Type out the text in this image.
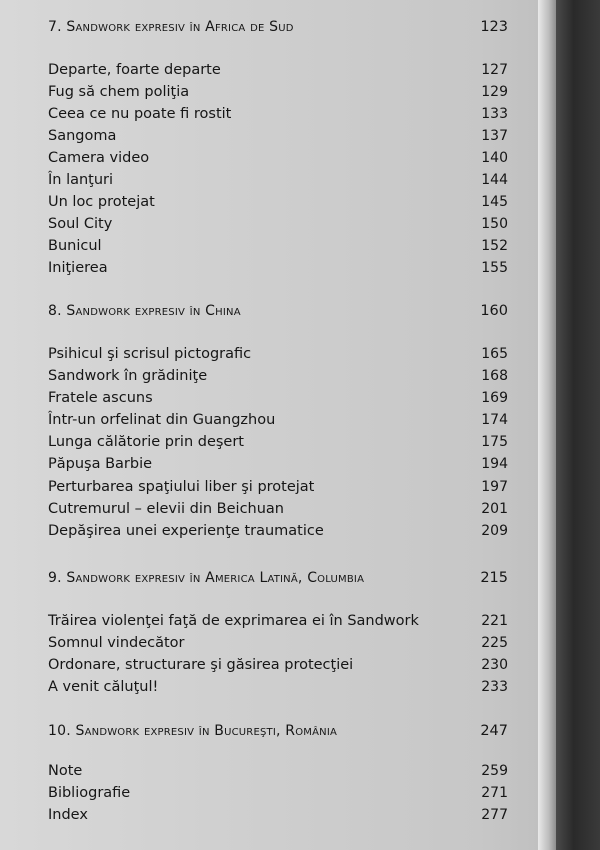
7. Sandwork expresiv în Africa de Sud	123
Departe, foarte departe	127
Fug să chem poliţia	129
Ceea ce nu poate fi rostit	133
Sangoma	137
Camera video	140
În lanţuri	144
Un loc protejat	145
Soul City	150
Bunicul	152
Iniţierea	155
8. Sandwork expresiv în China	160
Psihicul şi scrisul pictografic	165
Sandwork în grădiniţe	168
Fratele ascuns	169
Într-un orfelinat din Guangzhou	174
Lunga călătorie prin deşert	175
Păpuşa Barbie	194
Perturbarea spaţiului liber şi protejat	197
Cutremurul – elevii din Beichuan	201
Depăşirea unei experienţe traumatice	209
9. Sandwork expresiv în America Latină, Columbia	215
Trăirea violenţei faţă de exprimarea ei în Sandwork	221
Somnul vindecător	225
Ordonare, structurare şi găsirea protecţiei	230
A venit căluţul!	233
10. Sandwork expresiv în Bucureşti, România	247
Note	259
Bibliografie	271
Index	277
